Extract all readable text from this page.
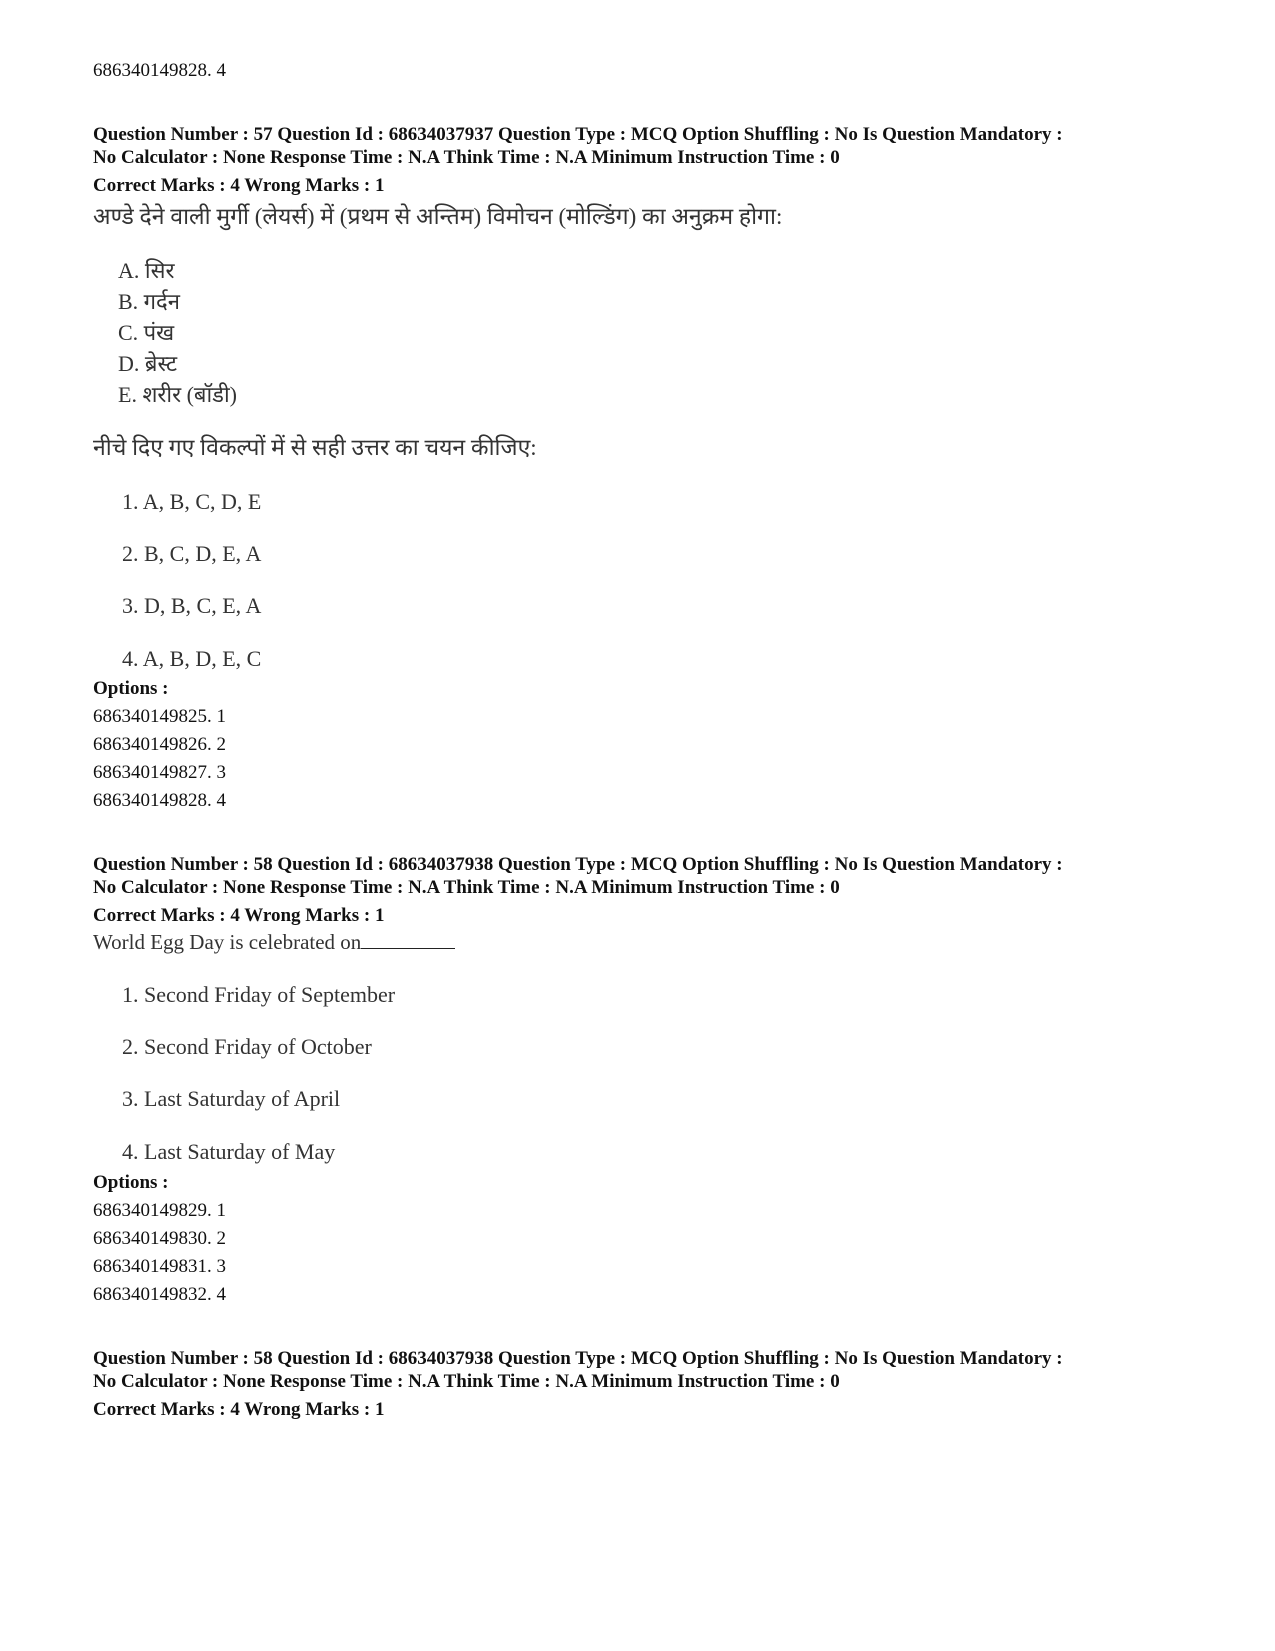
686340149828. 4
Question Number : 57 Question Id : 68634037937 Question Type : MCQ Option Shuffling : No Is Question Mandatory :
No Calculator : None Response Time : N.A Think Time : N.A Minimum Instruction Time : 0
Correct Marks : 4 Wrong Marks : 1
अण्डे देने वाली मुर्गी (लेयर्स) में (प्रथम से अन्तिम) विमोचन (मोल्डिंग) का अनुक्रम होगा:
A. सिर
B. गर्दन
C. पंख
D. ब्रेस्ट
E. शरीर (बॉडी)
नीचे दिए गए विकल्पों में से सही उत्तर का चयन कीजिए:
1. A, B, C, D, E
2. B, C, D, E, A
3. D, B, C, E, A
4. A, B, D, E, C
Options :
686340149825. 1
686340149826. 2
686340149827. 3
686340149828. 4
Question Number : 58 Question Id : 68634037938 Question Type : MCQ Option Shuffling : No Is Question Mandatory :
No Calculator : None Response Time : N.A Think Time : N.A Minimum Instruction Time : 0
Correct Marks : 4 Wrong Marks : 1
World Egg Day is celebrated on
1. Second Friday of September
2. Second Friday of October
3. Last Saturday of April
4. Last Saturday of May
Options :
686340149829. 1
686340149830. 2
686340149831. 3
686340149832. 4
Question Number : 58 Question Id : 68634037938 Question Type : MCQ Option Shuffling : No Is Question Mandatory :
No Calculator : None Response Time : N.A Think Time : N.A Minimum Instruction Time : 0
Correct Marks : 4 Wrong Marks : 1
